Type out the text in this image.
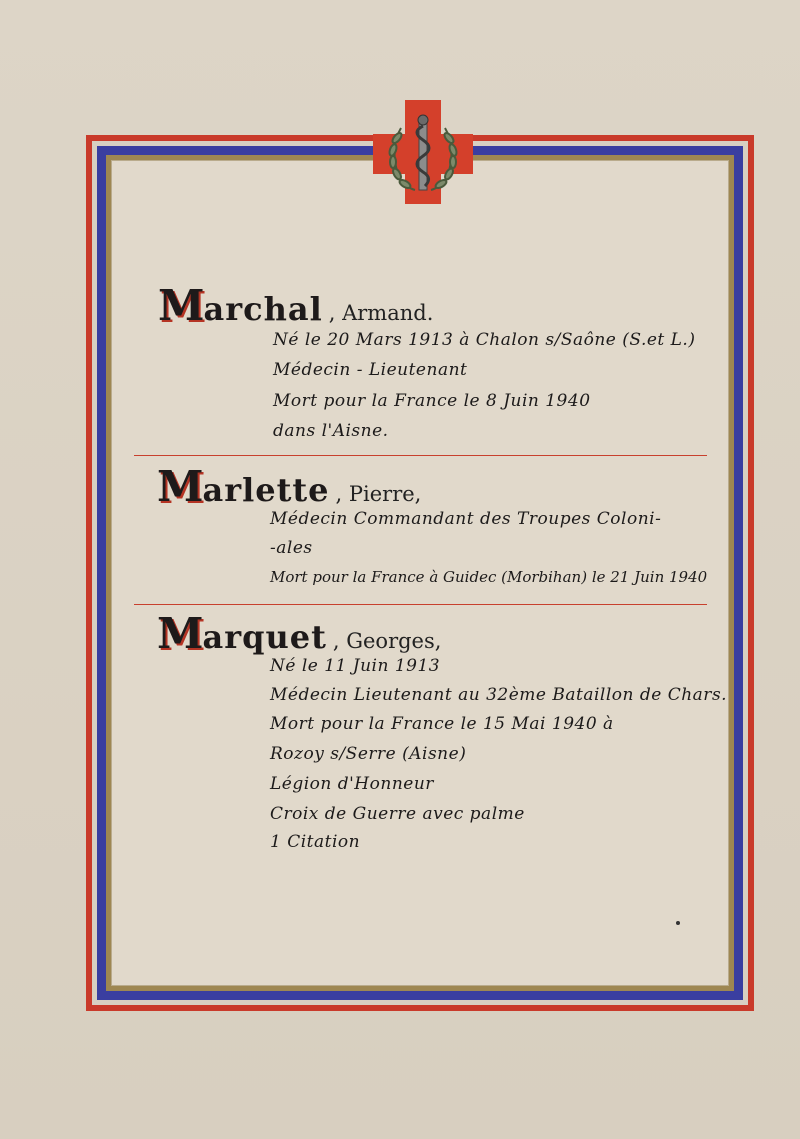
Marchal , Armand.
Né le 20 Mars 1913 à Chalon s/Saône (S.et L.)
Médecin - Lieutenant
Mort pour la France le 8 Juin 1940
dans l'Aisne.
Marlette , Pierre,
Médecin Commandant des Troupes Coloni-
-ales
Mort pour la France à Guidec (Morbihan) le 21 Juin 1940
Marquet , Georges,
Né le 11 Juin 1913
Médecin Lieutenant au 32ème Bataillon de Chars.
Mort pour la France le 15 Mai 1940 à
Rozoy s/Serre (Aisne)
Légion d'Honneur
Croix de Guerre avec palme
1 Citation
